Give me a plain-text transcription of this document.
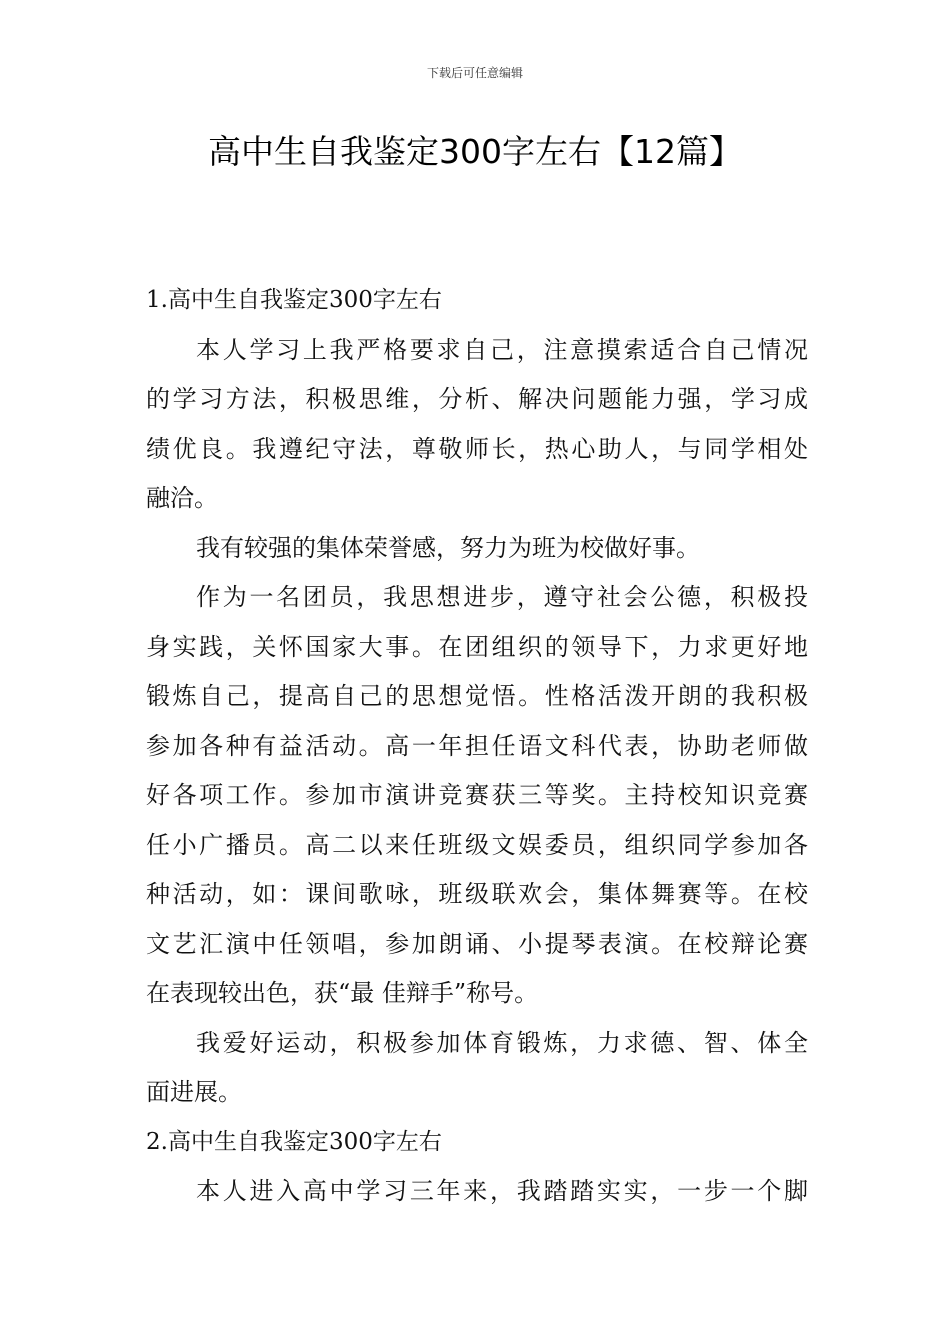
下载后可任意编辑
高中生自我鉴定300字左右【12篇】
1.高中生自我鉴定300字左右
本人学习上我严格要求自己，注意摸索适合自己情况
的学习方法，积极思维，分析、解决问题能力强，学习成
绩优良。我遵纪守法，尊敬师长，热心助人，与同学相处
融洽。
我有较强的集体荣誉感，努力为班为校做好事。
作为一名团员，我思想进步，遵守社会公德，积极投
身实践，关怀国家大事。在团组织的领导下，力求更好地
锻炼自己，提高自己的思想觉悟。性格活泼开朗的我积极
参加各种有益活动。高一年担任语文科代表，协助老师做
好各项工作。参加市演讲竞赛获三等奖。主持校知识竞赛
任小广播员。高二以来任班级文娱委员，组织同学参加各
种活动，如：课间歌咏，班级联欢会，集体舞赛等。在校
文艺汇演中任领唱，参加朗诵、小提琴表演。在校辩论赛
在表现较出色，获“最 佳辩手”称号。
我爱好运动，积极参加体育锻炼，力求德、智、体全
面进展。
2.高中生自我鉴定300字左右
本人进入高中学习三年来，我踏踏实实，一步一个脚
